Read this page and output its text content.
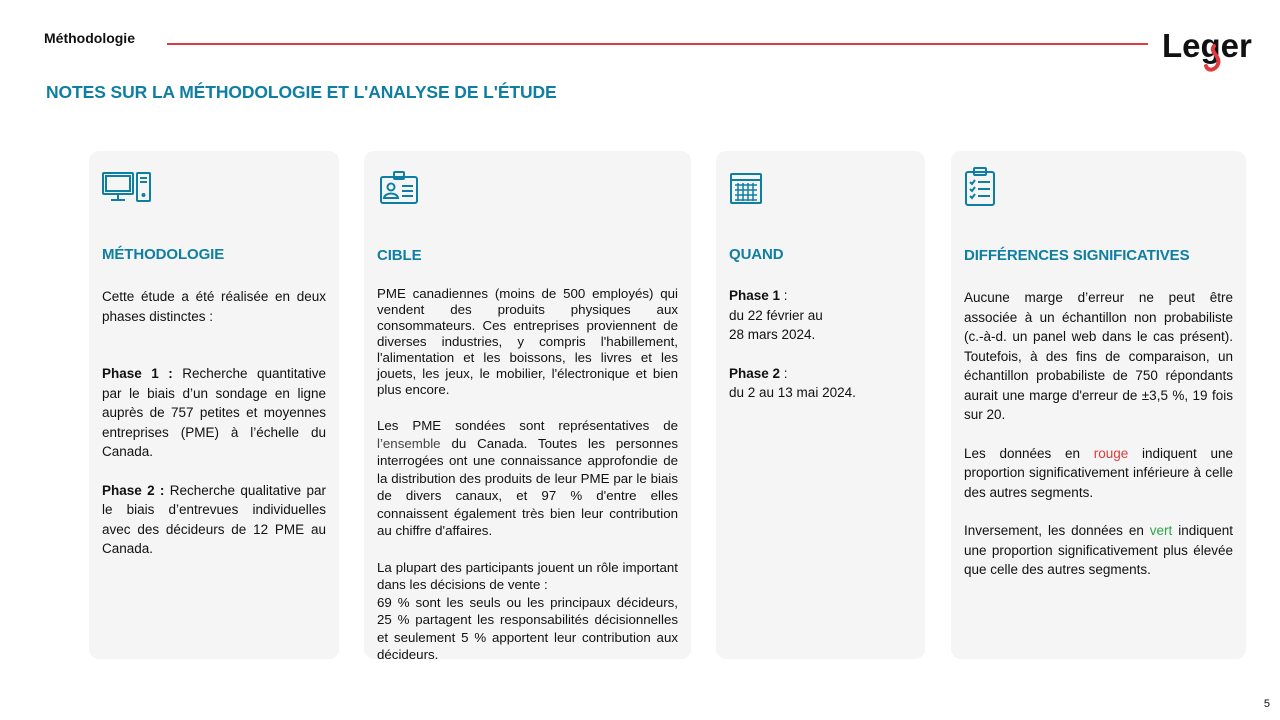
Méthodologie	Leger
NOTES SUR LA MÉTHODOLOGIE ET L'ANALYSE DE L'ÉTUDE
MÉTHODOLOGIE

Cette étude a été réalisée en deux phases distinctes :

Phase 1 : Recherche quantitative par le biais d’un sondage en ligne auprès de 757 petites et moyennes entreprises (PME) à l’échelle du Canada.

Phase 2 : Recherche qualitative par le biais d’entrevues individuelles avec des décideurs de 12 PME au Canada.

CIBLE

PME canadiennes (moins de 500 employés) qui vendent des produits physiques aux consommateurs. Ces entreprises proviennent de diverses industries, y compris l'habillement, l'alimentation et les boissons, les livres et les jouets, les jeux, le mobilier, l'électronique et bien plus encore.

Les PME sondées sont représentatives de l’ensemble du Canada. Toutes les personnes interrogées ont une connaissance approfondie de la distribution des produits de leur PME par le biais de divers canaux, et 97 % d'entre elles connaissent également très bien leur contribution au chiffre d'affaires.

La plupart des participants jouent un rôle important dans les décisions de vente :

69 % sont les seuls ou les principaux décideurs, 25 % partagent les responsabilités décisionnelles et seulement 5 % apportent leur contribution aux décideurs.

QUAND

Phase 1 :

du 22 février au

28 mars 2024.

Phase 2 :

du 2 au 13 mai 2024.

DIFFÉRENCES SIGNIFICATIVES

Aucune marge d’erreur ne peut être associée à un échantillon non probabiliste (c.-à-d. un panel web dans le cas présent). Toutefois, à des fins de comparaison, un échantillon probabiliste de 750 répondants aurait une marge d'erreur de ±3,5 %, 19 fois sur 20.

Les données en rouge indiquent une proportion significativement inférieure à celle des autres segments.

Inversement, les données en vert indiquent une proportion significativement plus élevée que celle des autres segments.

5
